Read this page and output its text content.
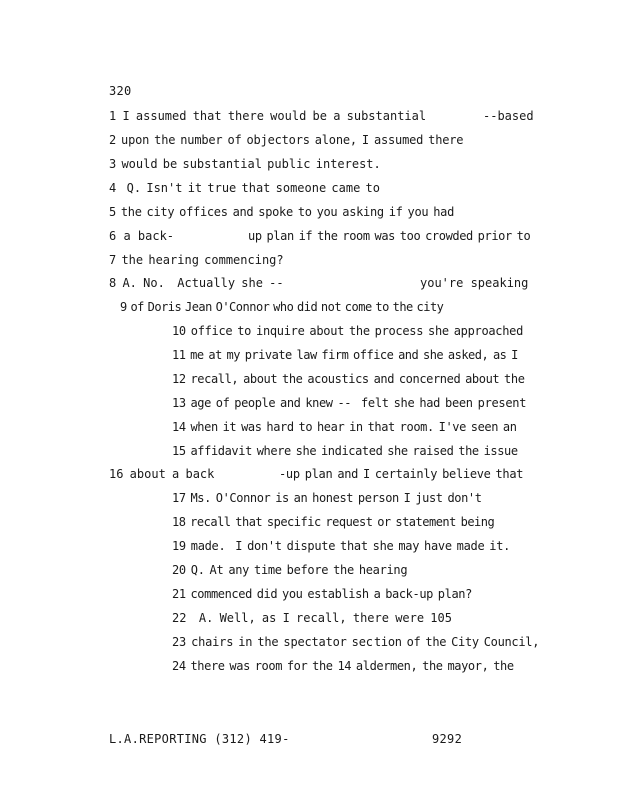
320
1 I assumed that there would be a substantial	--based
2 upon the number of objectors alone, I assumed there
3 would be substantial public interest.
4  Q. Isn't it true that someone came to
5 the city offices and spoke to you asking if you had
6 a back-	up plan if the room was too crowded prior to
7 the hearing commencing?
8 A. No.  Actually she --	you're speaking
9 of Doris Jean O'Connor who did not come to the city
10 office to inquire about the process she approached
11 me at my private law firm office and she asked, as I
12 recall, about the acoustics and concerned about the
13 age of people and knew -- felt she had been present
14 when it was hard to hear in that room. I've seen an
15 affidavit where she indicated she raised the issue
16 about a back	-up plan and I certainly believe that
17 Ms. O'Connor is an honest person I just don't
18 recall that specific request or statement being
19 made.  I don't dispute that she may have made it.
20 Q. At any time before the hearing
21 commenced did you establish a back-up plan?
22  A. Well, as I recall, there were 105
23 chairs in the spectator sec tion of the City Council,
24 there was room for the 14 aldermen, the mayor, the
L.A.REPORTING (312) 419-	9292
